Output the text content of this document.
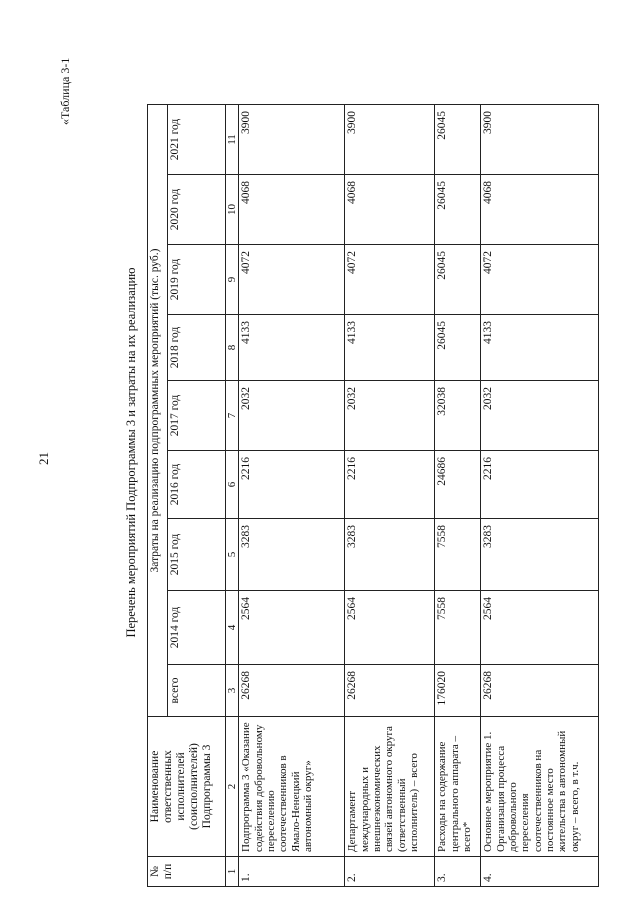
21
«Таблица 3-1
Перечень мероприятий Подпрограммы 3 и затраты на их реализацию
№ п/п	Наименование ответственных исполнителей (соисполнителей) Подпрограммы 3	Затраты на реализацию подпрограммных мероприятий (тыс. руб.)								
		всего	2014 год	2015 год	2016 год	2017 год	2018 год	2019 год	2020 год	2021 год
1	2	3	4	5	6	7	8	9	10	11
1.	Подпрограмма 3 «Оказание содействия добровольному переселению соотечественников в Ямало-Ненецкий автономный округ»	26268	2564	3283	2216	2032	4133	4072	4068	3900
2.	Департамент международных и внешнеэкономических связей автономного округа (ответственный исполнитель) – всего	26268	2564	3283	2216	2032	4133	4072	4068	3900
3.	Расходы на содержание центрального аппарата – всего*	176020	7558	7558	24686	32038	26045	26045	26045	26045
4.	Основное мероприятие 1. Организация процесса добровольного переселения соотечественников на постоянное место жительства в автономный округ – всего, в т.ч.	26268	2564	3283	2216	2032	4133	4072	4068	3900
